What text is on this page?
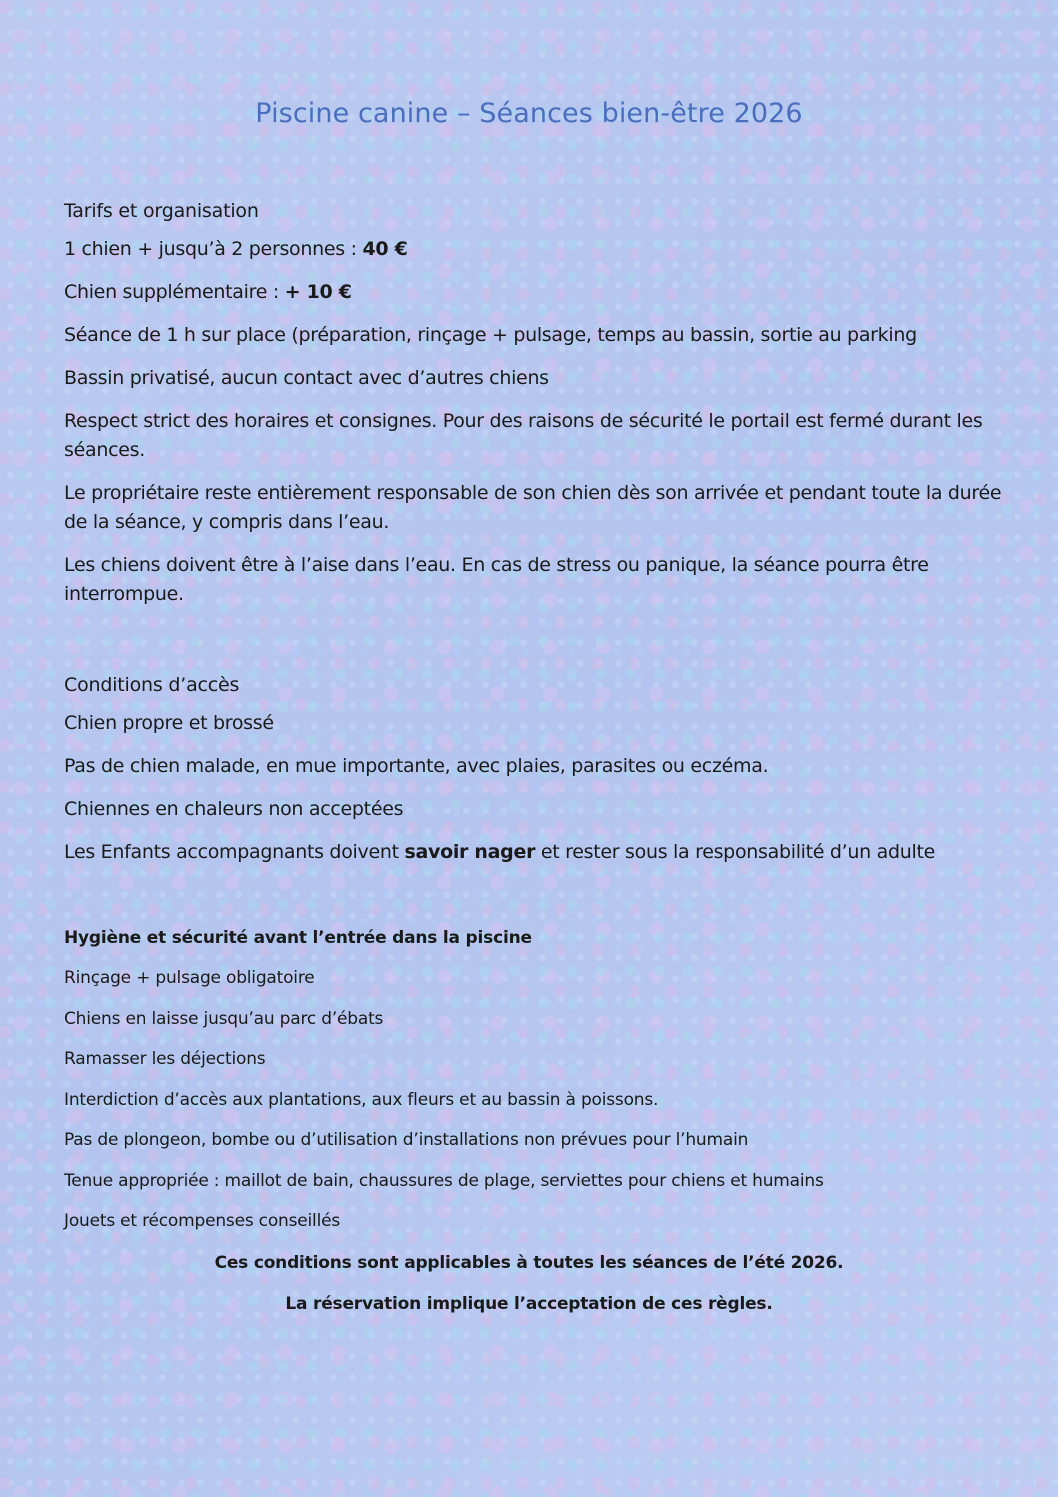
Piscine canine – Séances bien-être 2026

Tarifs et organisation

1 chien + jusqu’à 2 personnes : 40 €

Chien supplémentaire : + 10 €

Séance de 1 h sur place (préparation, rinçage + pulsage, temps au bassin, sortie au parking

Bassin privatisé, aucun contact avec d’autres chiens

Respect strict des horaires et consignes. Pour des raisons de sécurité le portail est fermé durant les séances.

Le propriétaire reste entièrement responsable de son chien dès son arrivée et pendant toute la durée de la séance, y compris dans l’eau.

Les chiens doivent être à l’aise dans l’eau. En cas de stress ou panique, la séance pourra être interrompue.

Conditions d’accès

Chien propre et brossé

Pas de chien malade, en mue importante, avec plaies, parasites ou eczéma.

Chiennes en chaleurs non acceptées

Les Enfants accompagnants doivent savoir nager et rester sous la responsabilité d’un adulte

Hygiène et sécurité avant l’entrée dans la piscine

Rinçage + pulsage obligatoire

Chiens en laisse jusqu’au parc d’ébats

Ramasser les déjections

Interdiction d’accès aux plantations, aux fleurs et au bassin à poissons.

Pas de plongeon, bombe ou d’utilisation d’installations non prévues pour l’humain

Tenue appropriée : maillot de bain, chaussures de plage, serviettes pour chiens et humains

Jouets et récompenses conseillés

Ces conditions sont applicables à toutes les séances de l’été 2026.
La réservation implique l’acceptation de ces règles.
